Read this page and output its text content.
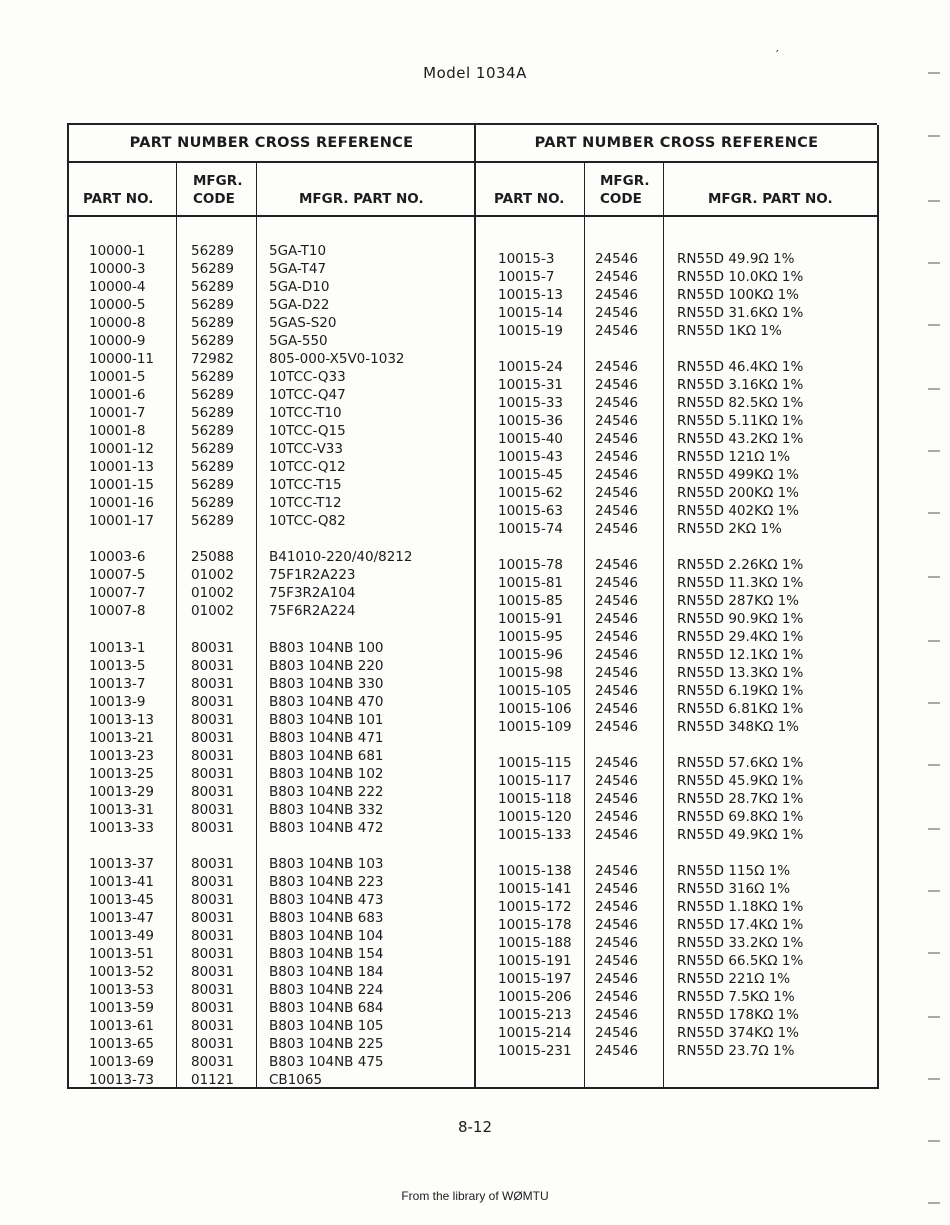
Model 1034A
′
PART NUMBER CROSS REFERENCE
PART NO.
MFGR.
CODE	MFGR. PART NO.
10000-1	56289	5GA-T10
10000-3	56289	5GA-T47
10000-4	56289	5GA-D10
10000-5	56289	5GA-D22
10000-8	56289	5GAS-S20
10000-9	56289	5GA-550
10000-11	72982	805-000-X5V0-1032
10001-5	56289	10TCC-Q33
10001-6	56289	10TCC-Q47
10001-7	56289	10TCC-T10
10001-8	56289	10TCC-Q15
10001-12	56289	10TCC-V33
10001-13	56289	10TCC-Q12
10001-15	56289	10TCC-T15
10001-16	56289	10TCC-T12
10001-17	56289	10TCC-Q82
10003-6	25088	B41010-220/40/8212
10007-5	01002	75F1R2A223
10007-7	01002	75F3R2A104
10007-8	01002	75F6R2A224
10013-1	80031	B803 104NB 100
10013-5	80031	B803 104NB 220
10013-7	80031	B803 104NB 330
10013-9	80031	B803 104NB 470
10013-13	80031	B803 104NB 101
10013-21	80031	B803 104NB 471
10013-23	80031	B803 104NB 681
10013-25	80031	B803 104NB 102
10013-29	80031	B803 104NB 222
10013-31	80031	B803 104NB 332
10013-33	80031	B803 104NB 472
10013-37	80031	B803 104NB 103
10013-41	80031	B803 104NB 223
10013-45	80031	B803 104NB 473
10013-47	80031	B803 104NB 683
10013-49	80031	B803 104NB 104
10013-51	80031	B803 104NB 154
10013-52	80031	B803 104NB 184
10013-53	80031	B803 104NB 224
10013-59	80031	B803 104NB 684
10013-61	80031	B803 104NB 105
10013-65	80031	B803 104NB 225
10013-69	80031	B803 104NB 475
10013-73	01121	CB1065
PART NUMBER CROSS REFERENCE
PART NO.
MFGR.
CODE	MFGR. PART NO.
10015-3	24546	RN55D 49.9Ω 1%
10015-7	24546	RN55D 10.0KΩ 1%
10015-13 24546	RN55D 100KΩ 1%
10015-14 24546	RN55D 31.6KΩ 1%
10015-19 24546	RN55D 1KΩ 1%
10015-24 24546	RN55D 46.4KΩ 1%
10015-31 24546	RN55D 3.16KΩ 1%
10015-33 24546	RN55D 82.5KΩ 1%
10015-36 24546	RN55D 5.11KΩ 1%
10015-40 24546	RN55D 43.2KΩ 1%
10015-43 24546	RN55D 121Ω 1%
10015-45 24546	RN55D 499KΩ 1%
10015-62 24546	RN55D 200KΩ 1%
10015-63 24546	RN55D 402KΩ 1%
10015-74 24546	RN55D 2KΩ 1%
10015-78 24546	RN55D 2.26KΩ 1%
10015-81 24546	RN55D 11.3KΩ 1%
10015-85 24546	RN55D 287KΩ 1%
10015-91 24546	RN55D 90.9KΩ 1%
10015-95 24546	RN55D 29.4KΩ 1%
10015-96 24546	RN55D 12.1KΩ 1%
10015-98 24546	RN55D 13.3KΩ 1%
10015-105 24546	RN55D 6.19KΩ 1%
10015-106 24546	RN55D 6.81KΩ 1%
10015-109 24546	RN55D 348KΩ 1%
10015-115 24546	RN55D 57.6KΩ 1%
10015-117 24546	RN55D 45.9KΩ 1%
10015-118 24546	RN55D 28.7KΩ 1%
10015-120 24546	RN55D 69.8KΩ 1%
10015-133 24546	RN55D 49.9KΩ 1%
10015-138 24546	RN55D 115Ω 1%
10015-141 24546	RN55D 316Ω 1%
10015-172 24546	RN55D 1.18KΩ 1%
10015-178 24546	RN55D 17.4KΩ 1%
10015-188 24546	RN55D 33.2KΩ 1%
10015-191 24546	RN55D 66.5KΩ 1%
10015-197 24546	RN55D 221Ω 1%
10015-206 24546	RN55D 7.5KΩ 1%
10015-213 24546	RN55D 178KΩ 1%
10015-214 24546	RN55D 374KΩ 1%
10015-231 24546	RN55D 23.7Ω 1%
8-12
From the library of WØMTU
